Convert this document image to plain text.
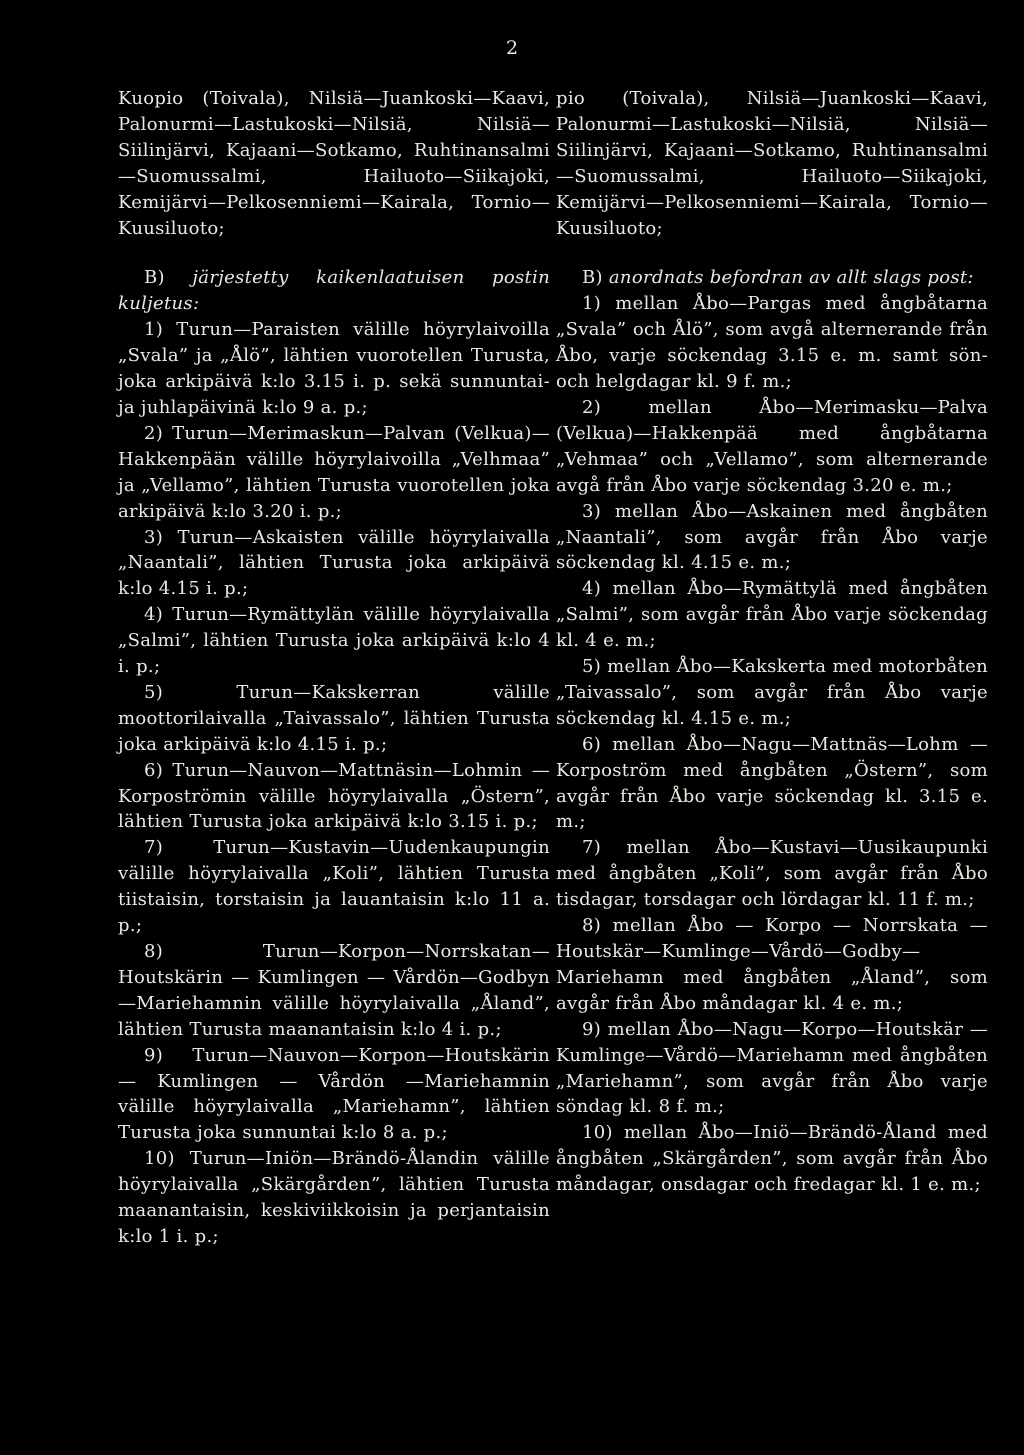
2

Kuopio (Toivala), Nilsiä—Juankoski—Kaavi, Palonurmi—Lastukoski—Nilsiä, Nilsiä—Siilinjärvi, Kajaani—Sotkamo, Ruhtinansalmi—Suomussalmi, Hailuoto—Siikajoki, Kemijärvi—Pelkosenniemi—Kairala, Tornio—Kuusiluoto;

B) järjestetty kaikenlaatuisen postin kuljetus:

1) Turun—Paraisten välille höyrylaivoilla „Svala” ja „Ålö”, lähtien vuorotellen Turusta, joka arkipäivä k:lo 3.15 i. p. sekä sunnuntai- ja juhlapäivinä k:lo 9 a. p.;

2) Turun—Merimaskun—Palvan (Velkua)—Hakkenpään välille höyrylaivoilla „Velhmaa” ja „Vellamo”, lähtien Turusta vuorotellen joka arkipäivä k:lo 3.20 i. p.;

3) Turun—Askaisten välille höyrylaivalla „Naantali”, lähtien Turusta joka arkipäivä k:lo 4.15 i. p.;

4) Turun—Rymättylän välille höyrylaivalla „Salmi”, lähtien Turusta joka arkipäivä k:lo 4 i. p.;

5) Turun—Kakskerran välille moottorilaivalla „Taivassalo”, lähtien Turusta joka arkipäivä k:lo 4.15 i. p.;

6) Turun—Nauvon—Mattnäsin—Lohmin —Korpoströmin välille höyrylaivalla „Östern”, lähtien Turusta joka arkipäivä k:lo 3.15 i. p.;

7) Turun—Kustavin—Uudenkaupungin välille höyrylaivalla „Koli”, lähtien Turusta tiistaisin, torstaisin ja lauantaisin k:lo 11 a. p.;

8) Turun—Korpon—Norrskatan—Houtskärin — Kumlingen — Vårdön—Godbyn—Mariehamnin välille höyrylaivalla „Åland”, lähtien Turusta maanantaisin k:lo 4 i. p.;

9) Turun—Nauvon—Korpon—Houtskärin — Kumlingen — Vårdön —Mariehamnin välille höyrylaivalla „Mariehamn”, lähtien Turusta joka sunnuntai k:lo 8 a. p.;

10) Turun—Iniön—Brändö-Ålandin välille höyrylaivalla „Skärgården”, lähtien Turusta maanantaisin, keskiviikkoisin ja perjantaisin k:lo 1 i. p.;

pio (Toivala), Nilsiä—Juankoski—Kaavi, Palonurmi—Lastukoski—Nilsiä, Nilsiä—Siilinjärvi, Kajaani—Sotkamo, Ruhtinansalmi —Suomussalmi, Hailuoto—Siikajoki, Kemijärvi—Pelkosenniemi—Kairala, Tornio— Kuusiluoto;

B) anordnats befordran av allt slags post:

1) mellan Åbo—Pargas med ångbåtarna „Svala” och Ålö”, som avgå alternerande från Åbo, varje söckendag 3.15 e. m. samt sön- och helgdagar kl. 9 f. m.;

2) mellan Åbo—Merimasku—Palva (Velkua)—Hakkenpää med ångbåtarna „Vehmaa” och „Vellamo”, som alternerande avgå från Åbo varje söckendag 3.20 e. m.;

3) mellan Åbo—Askainen med ångbåten „Naantali”, som avgår från Åbo varje söckendag kl. 4.15 e. m.;

4) mellan Åbo—Rymättylä med ångbåten „Salmi”, som avgår från Åbo varje söckendag kl. 4 e. m.;

5) mellan Åbo—Kakskerta med motorbåten „Taivassalo”, som avgår från Åbo varje söckendag kl. 4.15 e. m.;

6) mellan Åbo—Nagu—Mattnäs—Lohm —Korpoström med ångbåten „Östern”, som avgår från Åbo varje söckendag kl. 3.15 e. m.;

7) mellan Åbo—Kustavi—Uusikaupunki med ångbåten „Koli”, som avgår från Åbo tisdagar, torsdagar och lördagar kl. 11 f. m.;

8) mellan Åbo — Korpo — Norrskata — Houtskär—Kumlinge—Vårdö—Godby—Mariehamn med ångbåten „Åland”, som avgår från Åbo måndagar kl. 4 e. m.;

9) mellan Åbo—Nagu—Korpo—Houtskär —Kumlinge—Vårdö—Mariehamn med ångbåten „Mariehamn”, som avgår från Åbo varje söndag kl. 8 f. m.;

10) mellan Åbo—Iniö—Brändö-Åland med ångbåten „Skärgården”, som avgår från Åbo måndagar, onsdagar och fredagar kl. 1 e. m.;
